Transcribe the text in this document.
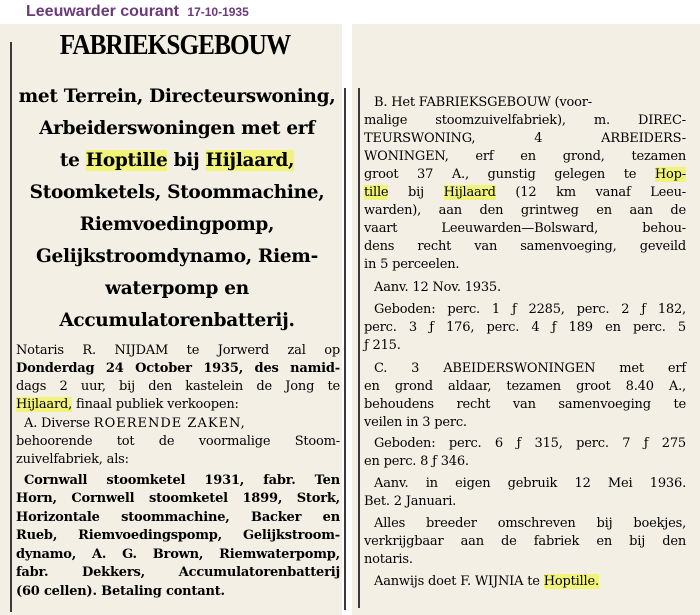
Leeuwarder courant 17-10-1935
FABRIEKSGEBOUW
met Terrein, Directeurswoning,
Arbeiderswoningen met erf
te Hoptille bij Hijlaard,
Stoomketels, Stoommachine,
Riemvoedingpomp,
Gelijkstroomdynamo, Riem-
waterpomp en
Accumulatorenbatterij.
Notaris R. NIJDAM te Jorwerd zal op
Donderdag 24 October 1935, des namid-
dags 2 uur, bij den kastelein de Jong te
Hijlaard, finaal publiek verkoopen:
A. Diverse ROERENDE ZAKEN,
behoorende tot de voormalige Stoom-
zuivelfabriek, als:
Cornwall stoomketel 1931, fabr. Ten
Horn, Cornwell stoomketel 1899, Stork,
Horizontale stoommachine, Backer en
Rueb, Riemvoedingspomp, Gelijkstroom-
dynamo, A. G. Brown, Riemwaterpomp,
fabr. Dekkers, Accumulatorenbatterij
(60 cellen). Betaling contant.
B. Het FABRIEKSGEBOUW (voor-
malige stoomzuivelfabriek), m. DIREC-
TEURSWONING, 4 ARBEIDERS-
WONINGEN, erf en grond, tezamen
groot 37 A., gunstig gelegen te Hop-
tille bij Hijlaard (12 km vanaf Leeu-
warden), aan den grintweg en aan de
vaart Leeuwarden—Bolsward, behou-
dens recht van samenvoeging, geveild
in 5 perceelen.
Aanv. 12 Nov. 1935.
Geboden: perc. 1 ƒ 2285, perc. 2 ƒ 182,
perc. 3 ƒ 176, perc. 4 ƒ 189 en perc. 5
ƒ 215.
C. 3 ABEIDERSWONINGEN met erf
en grond aldaar, tezamen groot 8.40 A.,
behoudens recht van samenvoeging te
veilen in 3 perc.
Geboden: perc. 6 ƒ 315, perc. 7 ƒ 275
en perc. 8 ƒ 346.
Aanv. in eigen gebruik 12 Mei 1936.
Bet. 2 Januari.
Alles breeder omschreven bij boekjes,
verkrijgbaar aan de fabriek en bij den
notaris.
Aanwijs doet F. WIJNIA te Hoptille.
